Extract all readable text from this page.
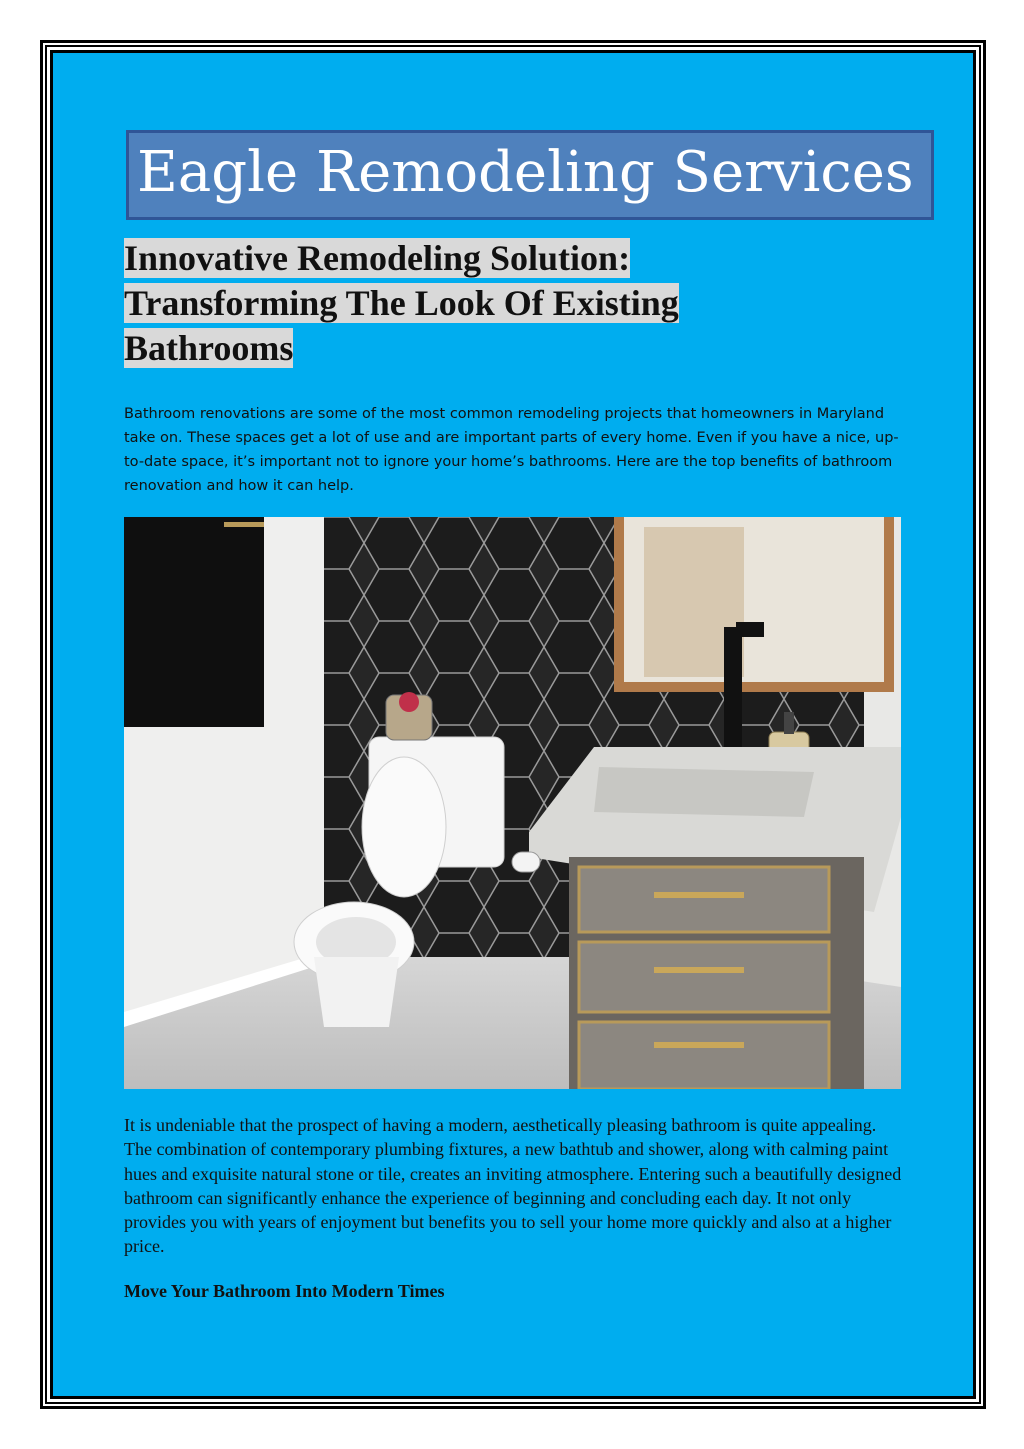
Eagle Remodeling Services
Innovative Remodeling Solution:
Transforming The Look Of Existing
Bathrooms
Bathroom renovations are some of the most common remodeling projects that homeowners in Maryland take on. These spaces get a lot of use and are important parts of every home. Even if you have a nice, up-to-date space, it’s important not to ignore your home’s bathrooms. Here are the top benefits of bathroom renovation and how it can help.
It is undeniable that the prospect of having a modern, aesthetically pleasing bathroom is quite appealing. The combination of contemporary plumbing fixtures, a new bathtub and shower, along with calming paint hues and exquisite natural stone or tile, creates an inviting atmosphere. Entering such a beautifully designed bathroom can significantly enhance the experience of beginning and concluding each day. It not only provides you with years of enjoyment but benefits you to sell your home more quickly and also at a higher price.
Move Your Bathroom Into Modern Times
